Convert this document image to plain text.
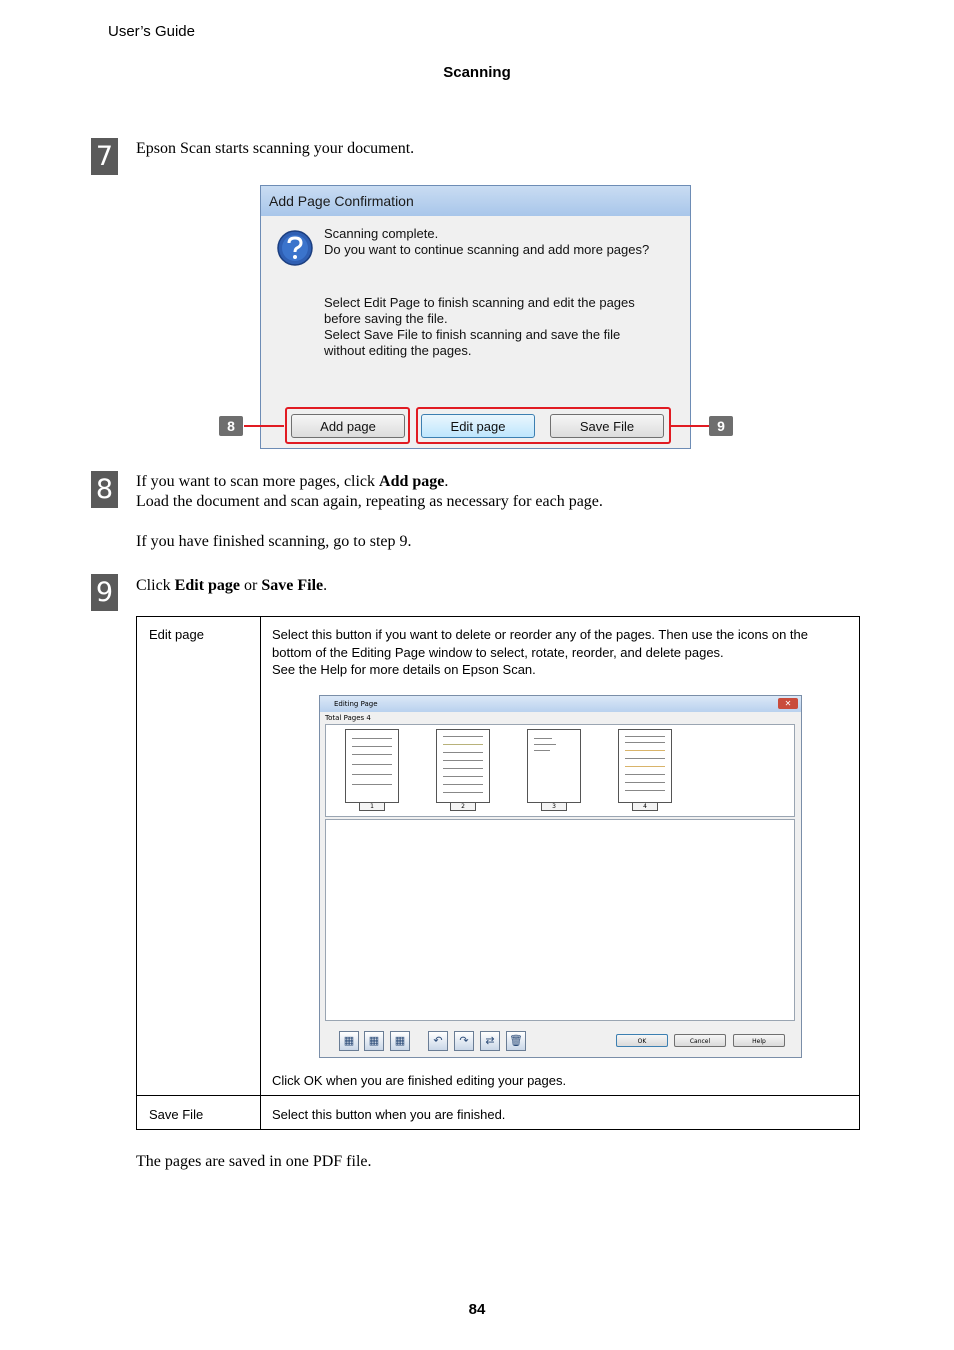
User’s Guide
Scanning
7	Epson Scan starts scanning your document.
Add Page Confirmation
Scanning complete.
Do you want to continue scanning and add more pages?
Select Edit Page to finish scanning and edit the pages
before saving the file.
Select Save File to finish scanning and save the file
without editing the pages.
Add page	Edit page	Save File
8	9
8	If you want to scan more pages, click Add page.
Load the document and scan again, repeating as necessary for each page.
If you have finished scanning, go to step 9.
9	Click Edit page or Save File.
Edit page	Select this button if you want to delete or reorder any of the pages. Then use the icons on the
bottom of the Editing Page window to select, rotate, reorder, and delete pages.
See the Help for more details on Epson Scan.
Click OK when you are finished editing your pages.
Save File	Select this button when you are finished.
Editing Page	✕
Total Pages 4
1	2	3	4
▦	▦	▦	↶	↷	⇄	🗑	OK	Cancel	Help
The pages are saved in one PDF file.
84
